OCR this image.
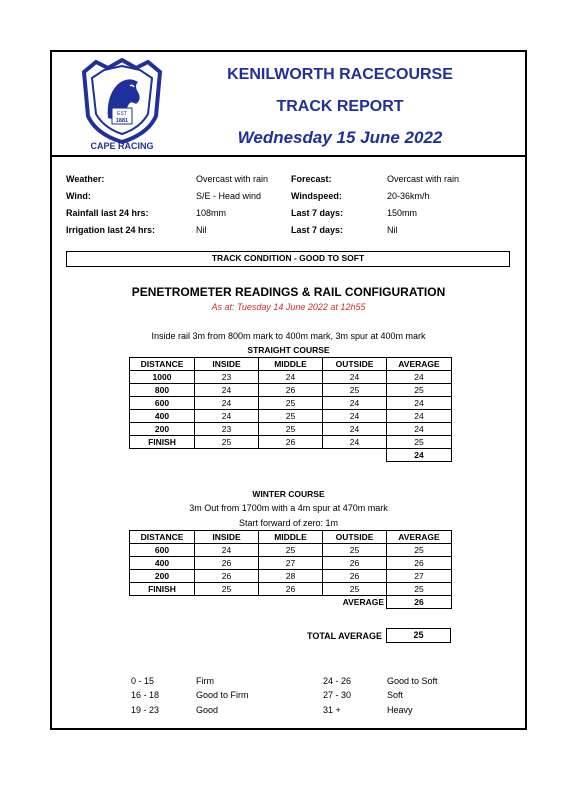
EST
1881
CAPE RACING
KENILWORTH RACECOURSE
TRACK REPORT
Wednesday 15 June 2022
Weather:	Overcast with rain	Forecast:	Overcast with rain
Wind:	S/E - Head wind	Windspeed:	20-36km/h
Rainfall last 24 hrs:	108mm	Last 7 days:	150mm
Irrigation last 24 hrs:	Nil	Last 7 days:	Nil
TRACK CONDITION - GOOD TO SOFT
PENETROMETER READINGS & RAIL CONFIGURATION
As at: Tuesday 14 June 2022 at 12h55
Inside rail 3m from 800m mark to 400m mark, 3m spur at 400m mark
STRAIGHT COURSE
DISTANCE	INSIDE	MIDDLE	OUTSIDE	AVERAGE
1000	23	24	24	24
800	24	26	25	25
600	24	25	24	24
400	24	25	24	24
200	23	25	24	24
FINISH	25	26	24	25
				24
WINTER COURSE
3m Out from 1700m with a 4m spur at 470m mark
Start forward of zero: 1m
DISTANCE	INSIDE	MIDDLE	OUTSIDE	AVERAGE
600	24	25	25	25
400	26	27	26	26
200	26	28	26	27
FINISH	25	26	25	25
			AVERAGE	26
TOTAL AVERAGE	25
0 - 15	Firm
16 - 18	Good to Firm
19 - 23	Good
24 - 26	Good to Soft
27 - 30	Soft
31 +	Heavy
